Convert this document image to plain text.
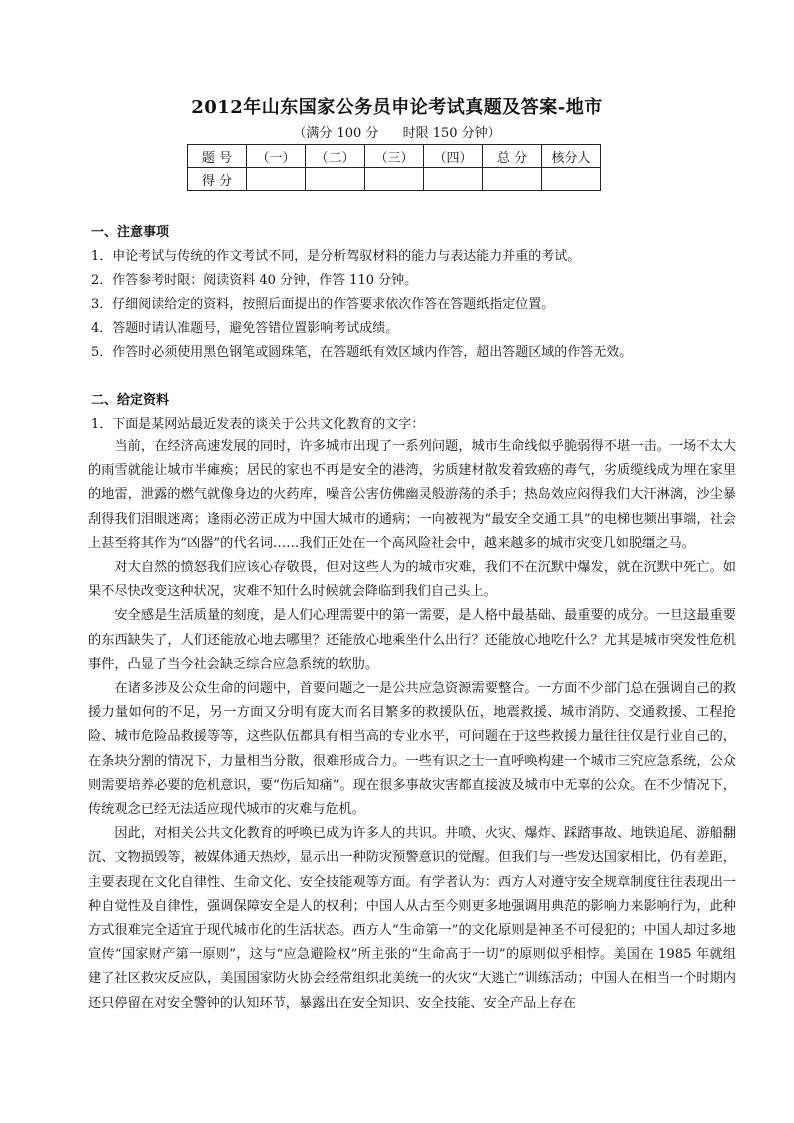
2012年山东国家公务员申论考试真题及答案-地市
（满分 100 分 时限 150 分钟）
题 号	（一）	（二）	（三）	（四）	总 分	核分人
得 分						
一、注意事项
1．申论考试与传统的作文考试不同，是分析驾驭材料的能力与表达能力并重的考试。
2．作答参考时限：阅读资料 40 分钟，作答 110 分钟。
3．仔细阅读给定的资料，按照后面提出的作答要求依次作答在答题纸指定位置。
4．答题时请认准题号，避免答错位置影响考试成绩。
5．作答时必须使用黑色钢笔或圆珠笔，在答题纸有效区域内作答，超出答题区域的作答无效。
二、给定资料
1．下面是某网站最近发表的谈关于公共文化教育的文字：

当前，在经济高速发展的同时，许多城市出现了一系列问题，城市生命线似乎脆弱得不堪一击。一场不太大的雨雪就能让城市半瘫痪；居民的家也不再是安全的港湾，劣质建材散发着致癌的毒气，劣质缆线成为埋在家里的地雷，泄露的燃气就像身边的火药库，噪音公害仿佛幽灵般游荡的杀手；热岛效应闷得我们大汗淋漓，沙尘暴刮得我们泪眼迷离；逢雨必涝正成为中国大城市的通病；一向被视为“最安全交通工具”的电梯也频出事端，社会上甚至将其作为“凶器”的代名词……我们正处在一个高风险社会中，越来越多的城市灾变几如脱缰之马。

对大自然的愤怒我们应该心存敬畏，但对这些人为的城市灾难，我们不在沉默中爆发，就在沉默中死亡。如果不尽快改变这种状况，灾难不知什么时候就会降临到我们自己头上。

安全感是生活质量的刻度，是人们心理需要中的第一需要，是人格中最基础、最重要的成分。一旦这最重要的东西缺失了，人们还能放心地去哪里？还能放心地乘坐什么出行？还能放心地吃什么？尤其是城市突发性危机事件，凸显了当今社会缺乏综合应急系统的软肋。

在诸多涉及公众生命的问题中，首要问题之一是公共应急资源需要整合。一方面不少部门总在强调自己的救援力量如何的不足，另一方面又分明有庞大而名目繁多的救援队伍，地震救援、城市消防、交通救援、工程抢险、城市危险品救援等等，这些队伍都具有相当高的专业水平，可问题在于这些救援力量往往仅是行业自己的，在条块分割的情况下，力量相当分散，很难形成合力。一些有识之士一直呼唤构建一个城市三究应急系统，公众则需要培养必要的危机意识，要“伤后知痛”。现在很多事故灾害都直接波及城市中无辜的公众。在不少情况下，传统观念已经无法适应现代城市的灾难与危机。

因此，对相关公共文化教育的呼唤已成为许多人的共识。井喷、火灾、爆炸、踩踏事故、地铁追尾、游船翻沉、文物损毁等，被媒体通天热炒，显示出一种防灾预警意识的觉醒。但我们与一些发达国家相比，仍有差距，主要表现在文化自律性、生命文化、安全技能观等方面。有学者认为：西方人对遵守安全规章制度往往表现出一种自觉性及自律性，强调保障安全是人的权利；中国人从古至今则更多地强调用典范的影响力来影响行为，此种方式很难完全适宜于现代城市化的生活状态。西方人“生命第一”的文化原则是神圣不可侵犯的；中国人却过多地宣传“国家财产第一原则”，这与“应急避险权”所主张的“生命高于一切”的原则似乎相悖。美国在 1985 年就组建了社区救灾反应队，美国国家防火协会经常组织北美统一的火灾“大逃亡”训练活动；中国人在相当一个时期内还只停留在对安全警钟的认知环节，暴露出在安全知识、安全技能、安全产品上存在
